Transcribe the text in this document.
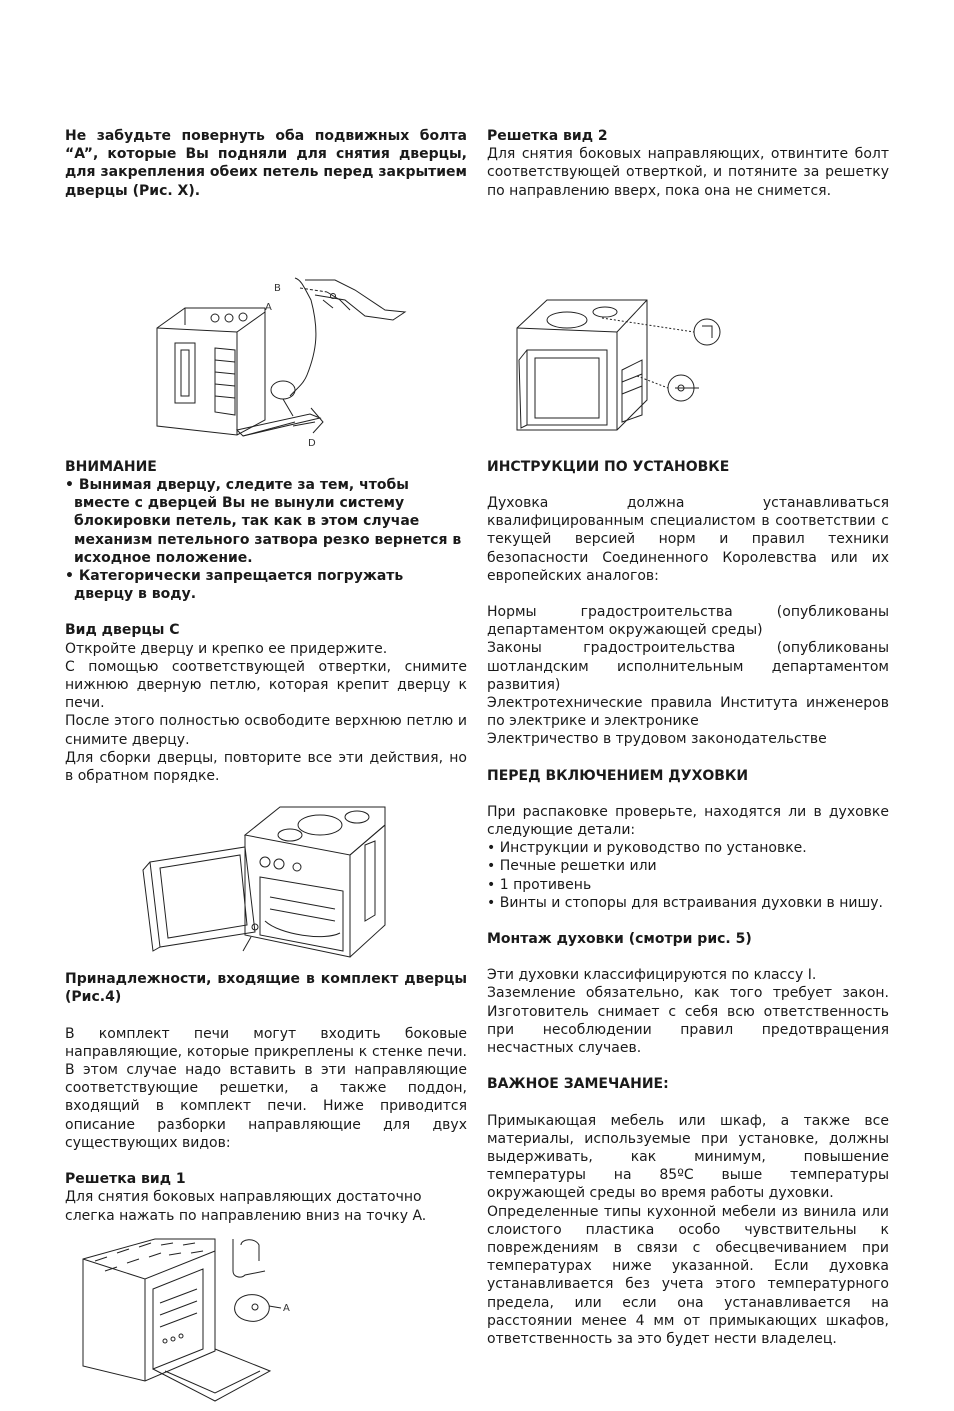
Не забудьте повернуть оба подвижных болта “A”, которые Вы подняли для снятия дверцы, для закрепления обеих петель перед закрытием дверцы (Рис. X).

B
A
D

ВНИМАНИЕ

• Вынимая дверцу, следите за тем, чтобы вместе с дверцей Вы не вынули систему блокировки петель, так как в этом случае механизм петельного затвора резко вернется в исходное положение.

• Категорически запрещается погружать дверцу в воду.

Вид дверцы C

Откройте дверцу и крепко ее придержите.

С помощью соответствующей отвертки, снимите нижнюю дверную петлю, которая крепит дверцу к печи.

После этого полностью освободите верхнюю петлю и снимите дверцу.

Для сборки дверцы, повторите все эти действия, но в обратном порядке.

Принадлежности, входящие в комплект дверцы (Рис.4)

В комплект печи могут входить боковые направляющие, которые прикреплены к стенке печи. В этом случае надо вставить в эти направляющие соответствующие решетки, а также поддон, входящий в комплект печи. Ниже приводится описание разборки направляющие для двух существующих видов:

Решетка вид 1

Для снятия боковых направляющих достаточно слегка нажать по направлению вниз на точку A.

A

Решетка вид 2

Для снятия боковых направляющих, отвинтите болт соответствующей отверткой, и потяните за решетку по направлению вверх, пока она не снимется.

ИНСТРУКЦИИ ПО УСТАНОВКЕ

Духовка должна устанавливаться квалифицированным специалистом в соответствии с текущей версией норм и правил техники безопасности Соединенного Королевства или их европейских аналогов:

Нормы градостроительства (опубликованы департаментом окружающей среды)

Законы градостроительства (опубликованы шотландским исполнительным департаментом развития)

Электротехнические правила Института инженеров по электрике и электронике

Электричество в трудовом законодательстве

ПЕРЕД ВКЛЮЧЕНИЕМ ДУХОВКИ

При распаковке проверьте, находятся ли в духовке следующие детали:

• Инструкции и руководство по установке.

• Печные решетки или

• 1 противень

• Винты и стопоры для встраивания духовки в нишу.

Монтаж духовки (смотри рис. 5)

Эти духовки классифицируются по классу I.

Заземление обязательно, как того требует закон. Изготовитель снимает с себя всю ответственность при несоблюдении правил предотвращения несчастных случаев.

ВАЖНОЕ ЗАМЕЧАНИЕ:

Примыкающая мебель или шкаф, а также все материалы, используемые при установке, должны выдерживать, как минимум, повышение температуры на 85ºC выше температуры окружающей среды во время работы духовки.

Определенные типы кухонной мебели из винила или слоистого пластика особо чувствительны к повреждениям в связи с обесцвечиванием при температурах ниже указанной. Если духовка устанавливается без учета этого температурного предела, или если она устанавливается на расстоянии менее 4 мм от примыкающих шкафов, ответственность за это будет нести владелец.
